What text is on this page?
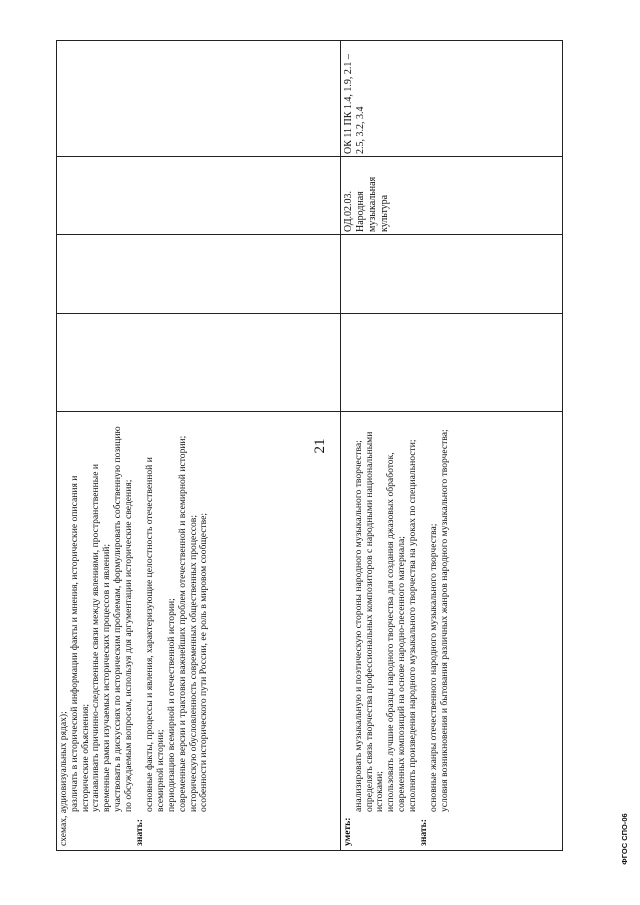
21
ФГОС СПО-06

схемах, аудиовизуальных рядах); различать в исторической информации факты и мнения, исторические описания и исторические объяснения; устанавливать причинно-следственные связи между явлениями, пространственные и временные рамки изучаемых исторических процессов и явлений; участвовать в дискуссиях по историческим проблемам, формулировать собственную позицию по обсуждаемым вопросам, используя для аргументации исторические сведения;

знать:

основные факты, процессы и явления, характеризующие целостность отечественной и всемирной истории; периодизацию всемирной и отечественной истории; современные версии и трактовки важнейших проблем отечественной и всемирной истории; историческую обусловленность современных общественных процессов; особенности исторического пути России, ее роль в мировом сообществе;

уметь:

анализировать музыкальную и поэтическую стороны народного музыкального творчества; определять связь творчества профессиональных композиторов с народными национальными истоками; использовать лучшие образцы народного творчества для создания джазовых обработок, современных композиций на основе народно-песенного материала; исполнять произведения народного музыкального творчества на уроках по специальности;

знать:

основные жанры отечественного народного музыкального творчества; условия возникновения и бытования различных жанров народного музыкального творчества;

ОД.02.03. Народная музыкальная культура
ОК 11 ПК 1.4, 1.9, 2.1 – 2.5, 3.2, 3.4
